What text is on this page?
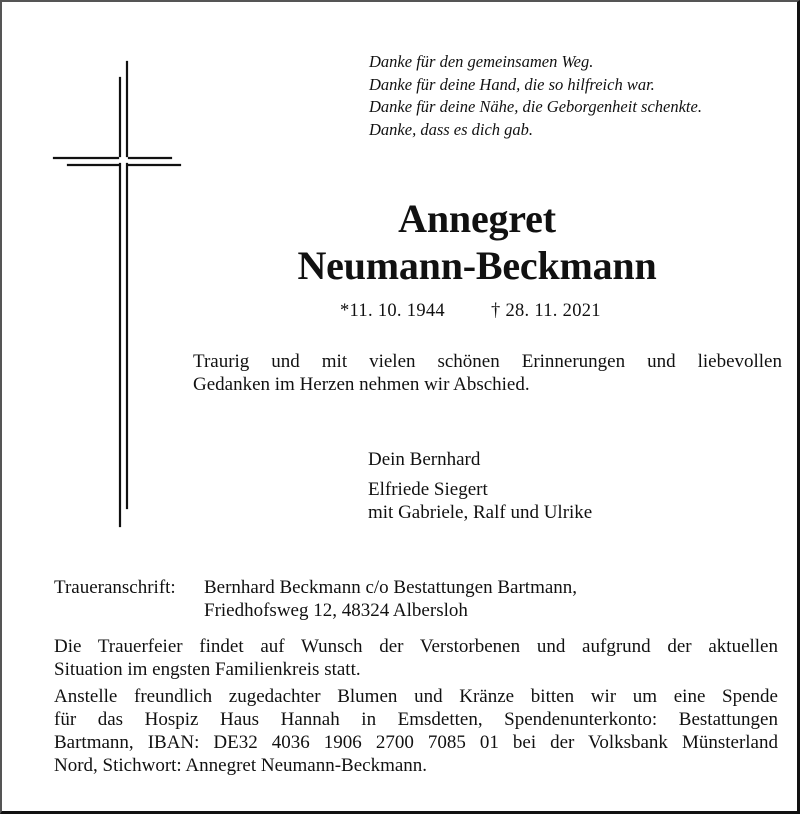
Danke für den gemeinsamen Weg.
Danke für deine Hand, die so hilfreich war.
Danke für deine Nähe, die Geborgenheit schenkte.
Danke, dass es dich gab.
Annegret
Neumann-Beckmann
*11. 10. 1944 † 28. 11. 2021
Traurig und mit vielen schönen Erinnerungen und liebevollen
Gedanken im Herzen nehmen wir Abschied.
Dein Bernhard
Elfriede Siegert
mit Gabriele, Ralf und Ulrike
Traueranschrift: Bernhard Beckmann c/o Bestattungen Bartmann,
Friedhofsweg 12, 48324 Albersloh
Die Trauerfeier findet auf Wunsch der Verstorbenen und aufgrund der aktuellen
Situation im engsten Familienkreis statt.
Anstelle freundlich zugedachter Blumen und Kränze bitten wir um eine Spende
für das Hospiz Haus Hannah in Emsdetten, Spendenunterkonto: Bestattungen
Bartmann, IBAN: DE32 4036 1906 2700 7085 01 bei der Volksbank Münsterland
Nord, Stichwort: Annegret Neumann-Beckmann.
